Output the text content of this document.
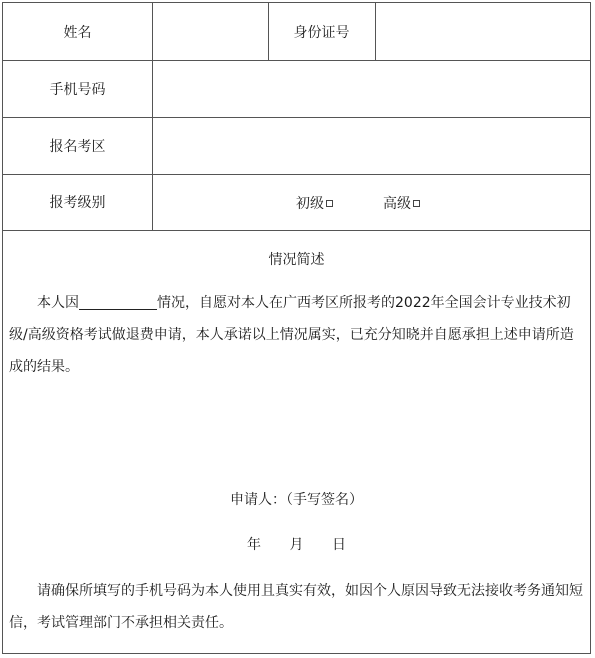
姓名	身份证号
手机号码
报名考区
报考级别	初级	高级
情况简述

本人因	情况，自愿对本人在广西考区所报考的2022年全国会计专业技术初级/高级资格考试做退费申请，本人承诺以上情况属实，已充分知晓并自愿承担上述申请所造成的结果。

申请人：（手写签名）
年 月 日

请确保所填写的手机号码为本人使用且真实有效，如因个人原因导致无法接收考务通知短信，考试管理部门不承担相关责任。
